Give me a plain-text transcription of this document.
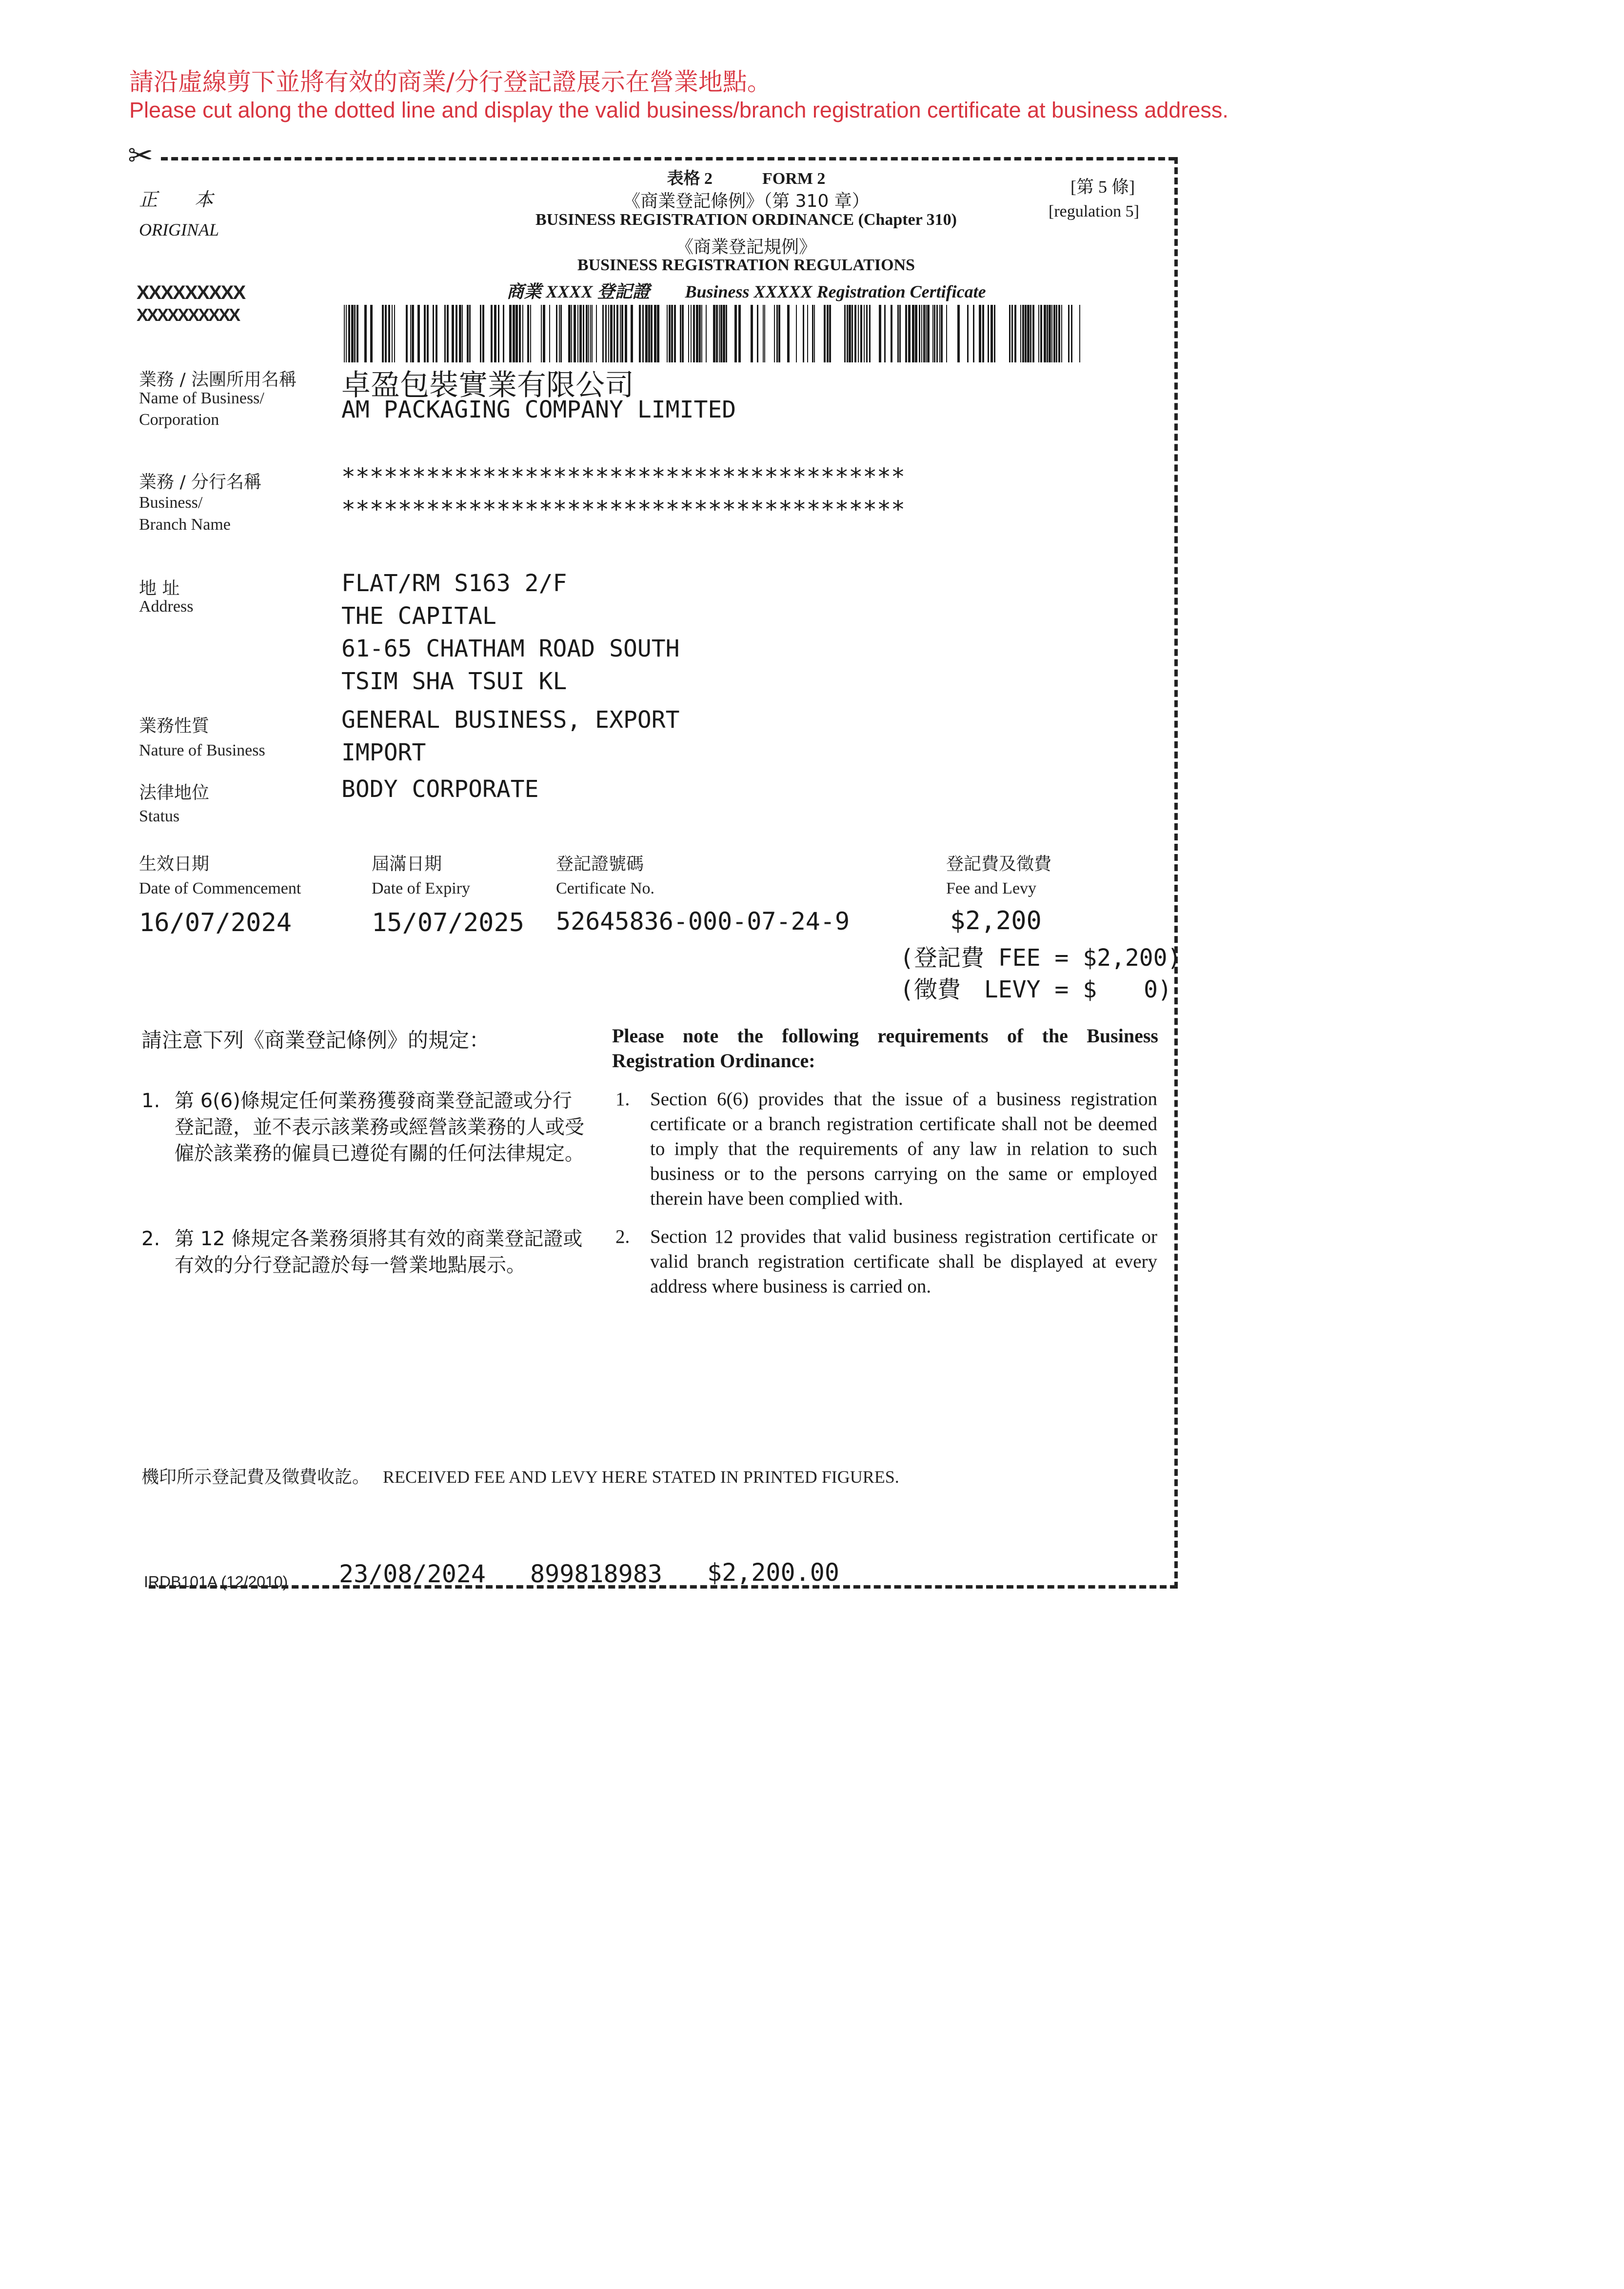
請沿虛線剪下並將有效的商業/分行登記證展示在營業地點。
Please cut along the dotted line and display the valid business/branch registration certificate at business address.
✂
正　　本
ORIGINAL
XXXXXXXXX
XXXXXXXXXX
表格 2　　　FORM 2
《商業登記條例》（第 310 章）
BUSINESS REGISTRATION ORDINANCE (Chapter 310)
《商業登記規例》
BUSINESS REGISTRATION REGULATIONS
商業 XXXX 登記證　　Business XXXXX Registration Certificate
[第 5 條]
[regulation 5]
業務 / 法團所用名稱
Name of Business/
Corporation
卓盈包裝實業有限公司
AM PACKAGING COMPANY LIMITED
業務 / 分行名稱
Business/
Branch Name
****************************************
****************************************
地 址
Address
FLAT/RM S163 2/F
THE CAPITAL
61-65 CHATHAM ROAD SOUTH
TSIM SHA TSUI KL
業務性質
Nature of Business
GENERAL BUSINESS, EXPORT
IMPORT
法律地位
Status
BODY CORPORATE
生效日期
Date of Commencement
16/07/2024
屆滿日期
Date of Expiry
15/07/2025
登記證號碼
Certificate No.
52645836-000-07-24-9
登記費及徵費
Fee and Levy
$2,200
(登記費 FEE = $2,200)
(徵費　LEVY = $　　0)
請注意下列《商業登記條例》的規定：	Please note the following requirements of the Business Registration Ordinance:
1. 第 6(6)條規定任何業務獲發商業登記證或分行登記證，並不表示該業務或經營該業務的人或受僱於該業務的僱員已遵從有關的任何法律規定。
1. Section 6(6) provides that the issue of a business registration certificate or a branch registration certificate shall not be deemed to imply that the requirements of any law in relation to such business or to the persons carrying on the same or employed therein have been complied with.
2. 第 12 條規定各業務須將其有效的商業登記證或有效的分行登記證於每一營業地點展示。
2. Section 12 provides that valid business registration certificate or valid branch registration certificate shall be displayed at every address where business is carried on.
機印所示登記費及徵費收訖。 RECEIVED FEE AND LEVY HERE STATED IN PRINTED FIGURES.
IRDB101A (12/2010) 23/08/2024 899818983 $2,200.00
